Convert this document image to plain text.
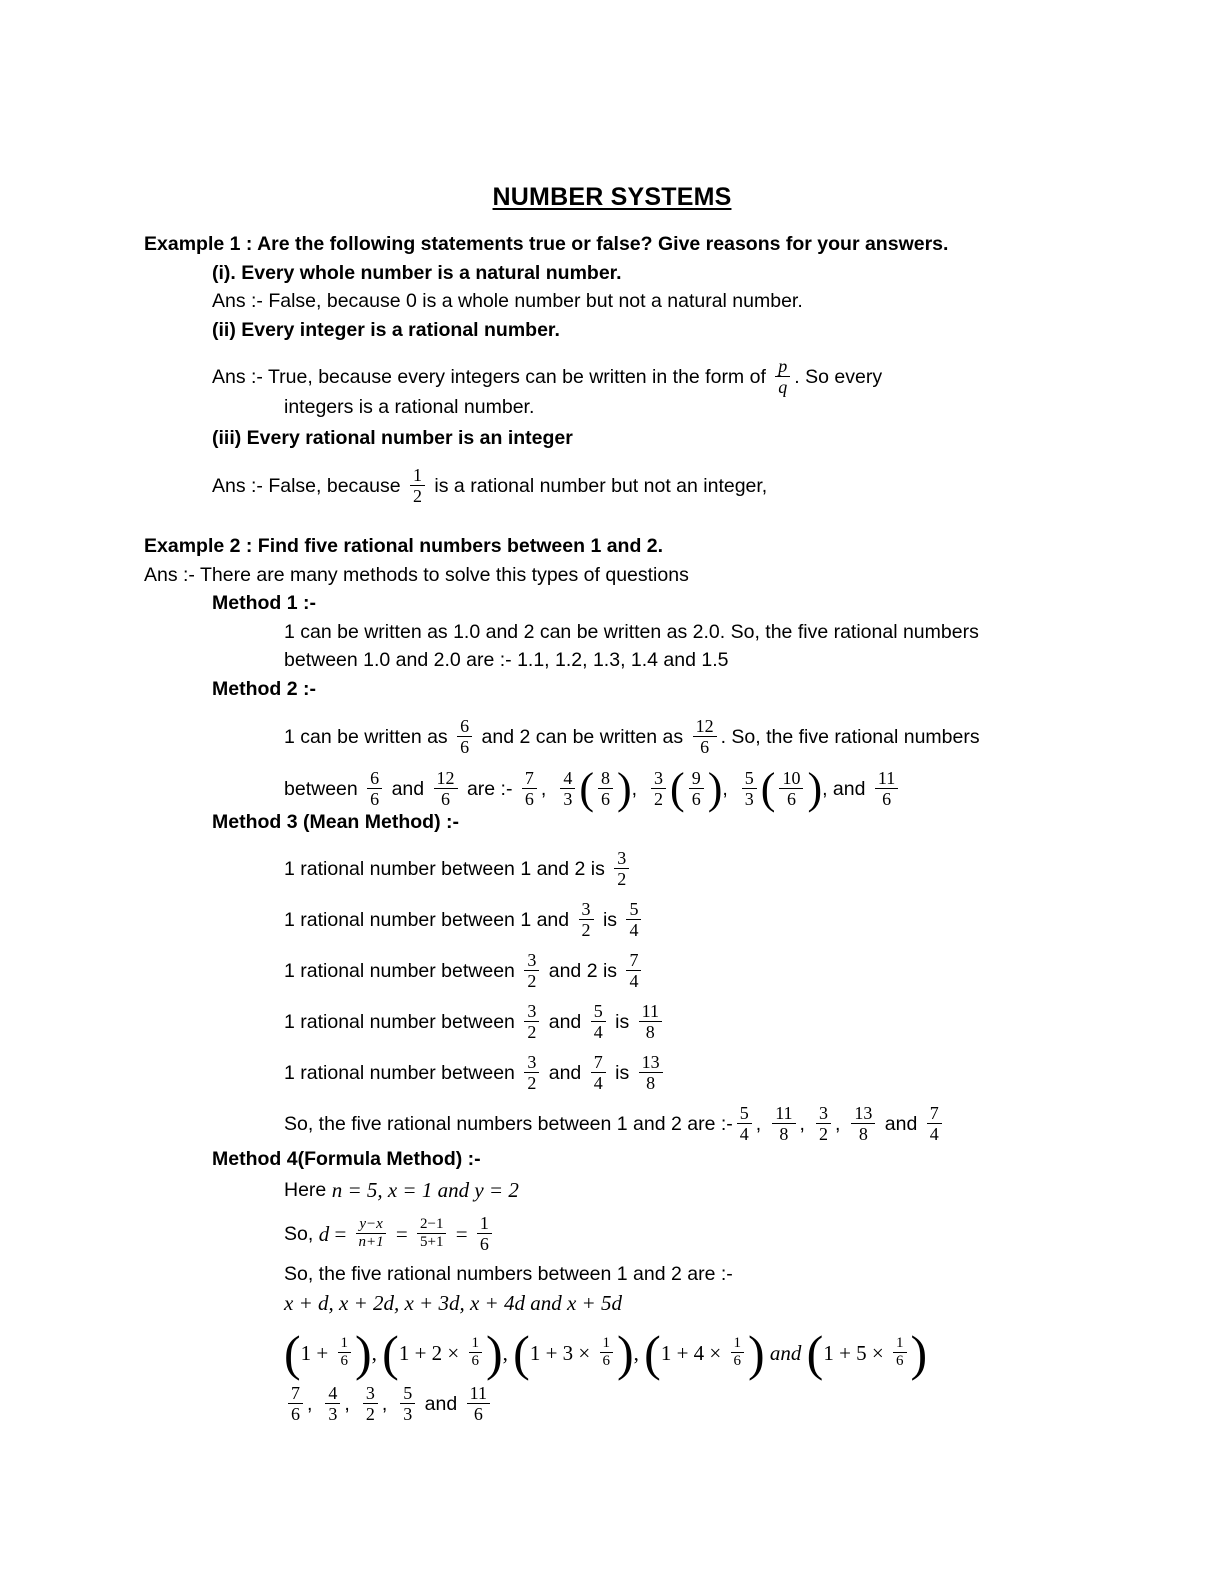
NUMBER SYSTEMS
Example 1 : Are the following statements true or false? Give reasons for your answers.
(i). Every whole number is a natural number.
Ans :- False, because 0 is a whole number but not a natural number.
(ii) Every integer is a rational number.
Ans :- True, because every integers can be written in the form of $\frac{p}{q}$ . So every
integers is a rational number.
(iii) Every rational number is an integer
Ans :- False, because $\frac{1}{2}$ is a rational number but not an integer,
Example 2 : Find five rational numbers between 1 and 2.
Ans :- There are many methods to solve this types of questions
Method 1 :-
1 can be written as 1.0 and 2 can be written as 2.0. So, the five rational numbers
between 1.0 and 2.0 are :- 1.1, 1.2, 1.3, 1.4 and 1.5
Method 2 :-
1 can be written as $\frac{6}{6}$ and 2 can be written as $\frac{12}{6}$ . So, the five rational numbers
between $\frac{6}{6}$ and $\frac{12}{6}$ are :- $\frac{7}{6}$ , $\frac{4}{3}$ ( $\frac{8}{6}$ ) , $\frac{3}{2}$ ( $\frac{9}{6}$ ) , $\frac{5}{3}$ ( $\frac{10}{6}$ ) , and $\frac{11}{6}$
Method 3 (Mean Method) :-
1 rational number between 1 and 2 is $\frac{3}{2}$
1 rational number between 1 and $\frac{3}{2}$ is $\frac{5}{4}$
1 rational number between $\frac{3}{2}$ and 2 is $\frac{7}{4}$
1 rational number between $\frac{3}{2}$ and $\frac{5}{4}$ is $\frac{11}{8}$
1 rational number between $\frac{3}{2}$ and $\frac{7}{4}$ is $\frac{13}{8}$
So, the five rational numbers between 1 and 2 are :- $\frac{5}{4}$ , $\frac{11}{8}$ , $\frac{3}{2}$ , $\frac{13}{8}$ and $\frac{7}{4}$
Method 4(Formula Method) :-
Here n = 5, x = 1 and y = 2
So, $d = \frac{y-x}{n+1} = \frac{2-1}{5+1} = \frac{1}{6}$
So, the five rational numbers between 1 and 2 are :-
x + d, x + 2d, x + 3d, x + 4d and x + 5d
( $1 + \frac{1}{6}$ ) , ( $1 + 2 \times \frac{1}{6}$ ) , ( $1 + 3 \times \frac{1}{6}$ ) , ( $1 + 4 \times \frac{1}{6}$ ) and ( $1 + 5 \times \frac{1}{6}$ )
$\frac{7}{6}$ , $\frac{4}{3}$ , $\frac{3}{2}$ , $\frac{5}{3}$ and $\frac{11}{6}$
